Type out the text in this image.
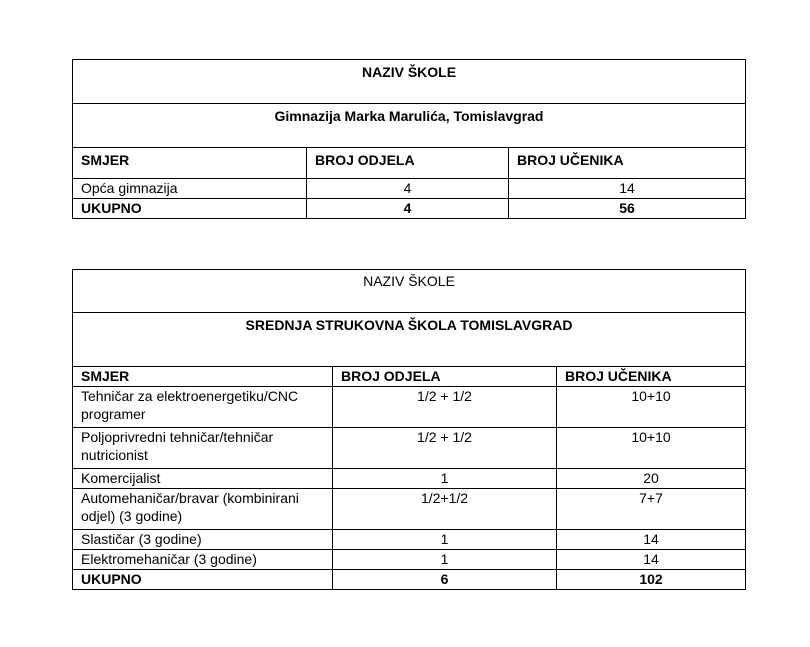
NAZIV ŠKOLE		
Gimnazija Marka Marulića, Tomislavgrad		
SMJER	BROJ ODJELA	BROJ UČENIKA
Opća gimnazija	4	14
UKUPNO	4	56
NAZIV ŠKOLE		
SREDNJA STRUKOVNA ŠKOLA TOMISLAVGRAD		
SMJER	BROJ ODJELA	BROJ UČENIKA
Tehničar za elektroenergetiku/CNC programer	1/2 + 1/2	10+10
Poljoprivredni tehničar/tehničar nutricionist	1/2 + 1/2	10+10
Komercijalist	1	20
Automehaničar/bravar (kombinirani odjel) (3 godine)	1/2+1/2	7+7
Slastičar (3 godine)	1	14
Elektromehaničar (3 godine)	1	14
UKUPNO	6	102
